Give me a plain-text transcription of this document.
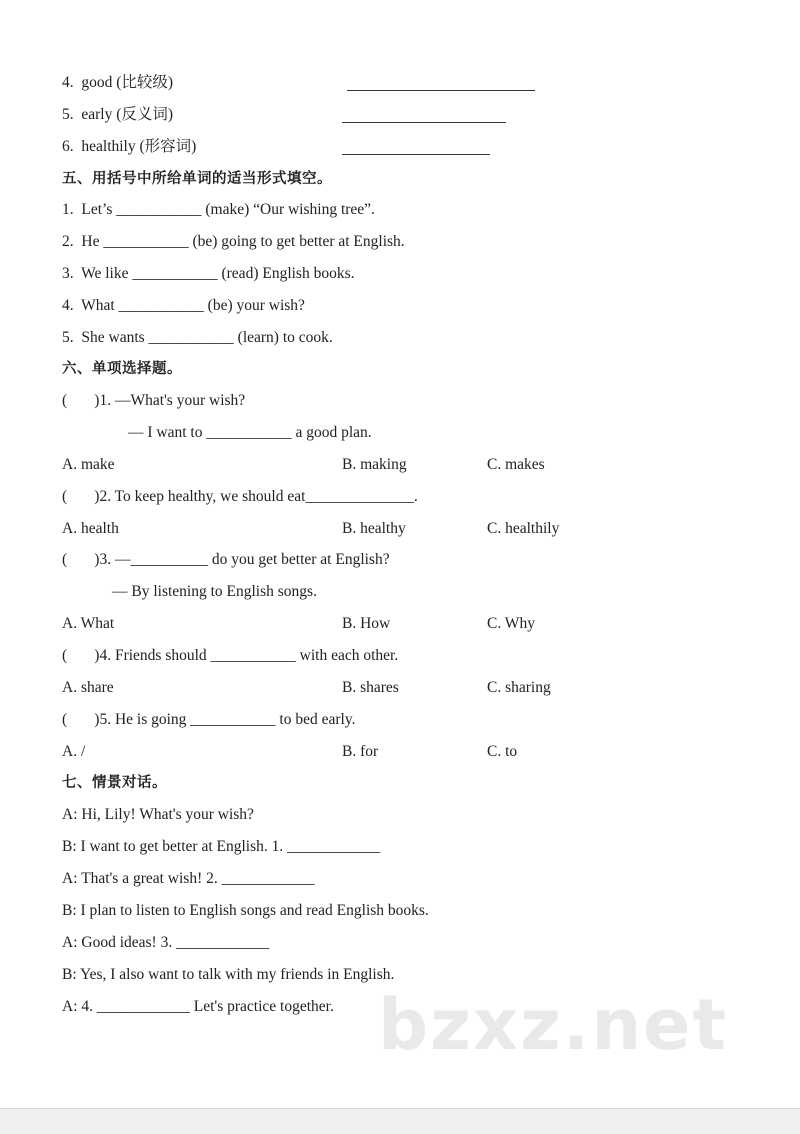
4.  good (比较级)
5.  early (反义词)
6.  healthily (形容词)
五、用括号中所给单词的适当形式填空。
1.  Let’s ___________ (make) “Our wishing tree”.
2.  He ___________ (be) going to get better at English.
3.  We like ___________ (read) English books.
4.  What ___________ (be) your wish?
5.  She wants ___________ (learn) to cook.
六、单项选择题。
(       )1. —What's your wish?
— I want to ___________ a good plan.
A. make	B. making	C. makes
(       )2. To keep healthy, we should eat______________.
A. health	B. healthy	C. healthily
(       )3. —__________ do you get better at English?
— By listening to English songs.
A. What	B. How	C. Why
(       )4. Friends should ___________ with each other.
A. share	B. shares	C. sharing
(       )5. He is going ___________ to bed early.
A. /	B. for	C. to
七、情景对话。
A: Hi, Lily! What's your wish?
B: I want to get better at English. 1. ____________
A: That's a great wish! 2. ____________
B: I plan to listen to English songs and read English books.
A: Good ideas! 3. ____________
B: Yes, I also want to talk with my friends in English.
A: 4. ____________ Let's practice together. bzxz.net
